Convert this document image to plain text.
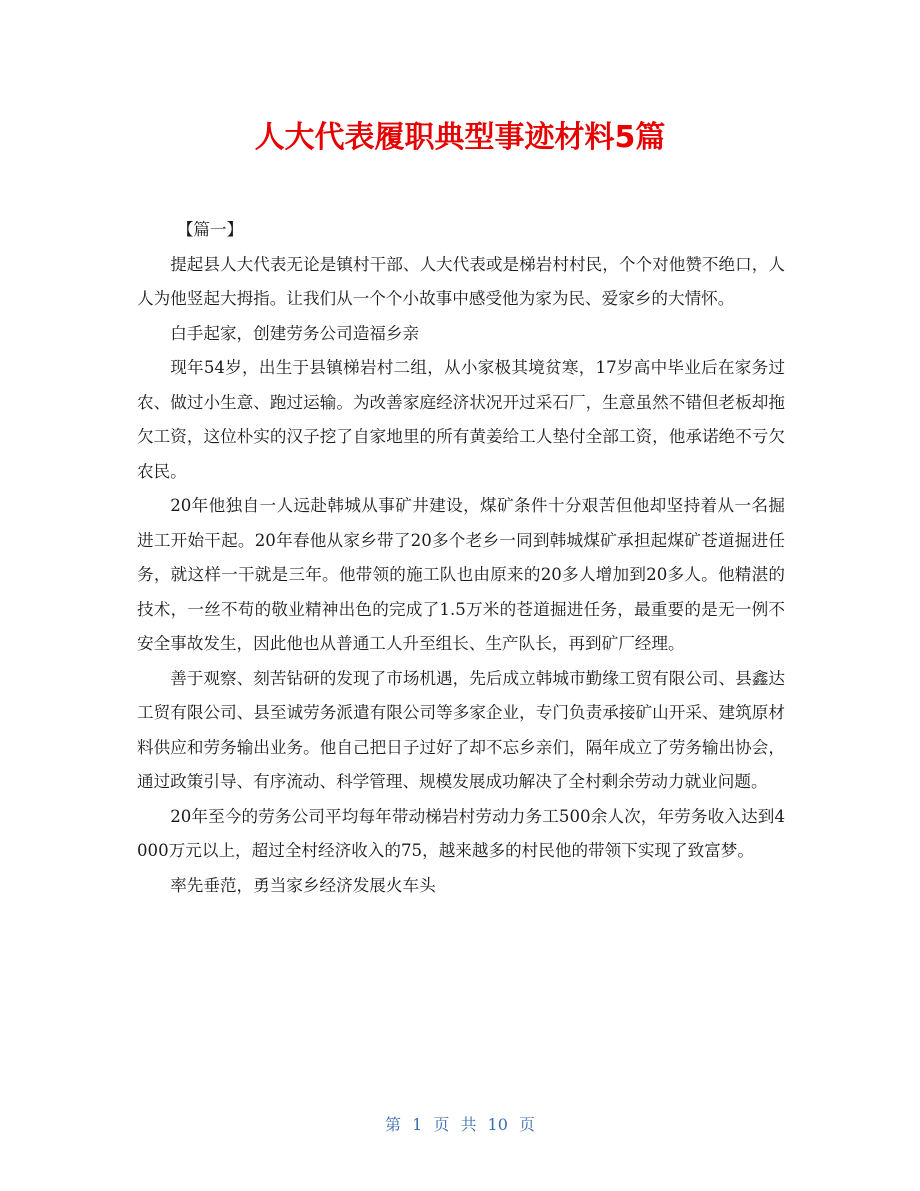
人大代表履职典型事迹材料5篇

【篇一】

提起县人大代表无论是镇村干部、人大代表或是梯岩村村民，个个对他赞不绝口，人人为他竖起大拇指。让我们从一个个小故事中感受他为家为民、爱家乡的大情怀。

白手起家，创建劳务公司造福乡亲

现年54岁，出生于县镇梯岩村二组，从小家极其境贫寒，17岁高中毕业后在家务过农、做过小生意、跑过运输。为改善家庭经济状况开过采石厂，生意虽然不错但老板却拖欠工资，这位朴实的汉子挖了自家地里的所有黄姜给工人垫付全部工资，他承诺绝不亏欠农民。

20年他独自一人远赴韩城从事矿井建设，煤矿条件十分艰苦但他却坚持着从一名掘进工开始干起。20年春他从家乡带了20多个老乡一同到韩城煤矿承担起煤矿苍道掘进任务，就这样一干就是三年。他带领的施工队也由原来的20多人增加到20多人。他精湛的技术，一丝不苟的敬业精神出色的完成了1.5万米的苍道掘进任务，最重要的是无一例不安全事故发生，因此他也从普通工人升至组长、生产队长，再到矿厂经理。

善于观察、刻苦钻研的发现了市场机遇，先后成立韩城市勤缘工贸有限公司、县鑫达工贸有限公司、县至诚劳务派遣有限公司等多家企业，专门负责承接矿山开采、建筑原材料供应和劳务输出业务。他自己把日子过好了却不忘乡亲们，隔年成立了劳务输出协会，通过政策引导、有序流动、科学管理、规模发展成功解决了全村剩余劳动力就业问题。

20年至今的劳务公司平均每年带动梯岩村劳动力务工500余人次，年劳务收入达到4000万元以上，超过全村经济收入的75，越来越多的村民他的带领下实现了致富梦。

率先垂范，勇当家乡经济发展火车头

第 1 页 共 10 页
